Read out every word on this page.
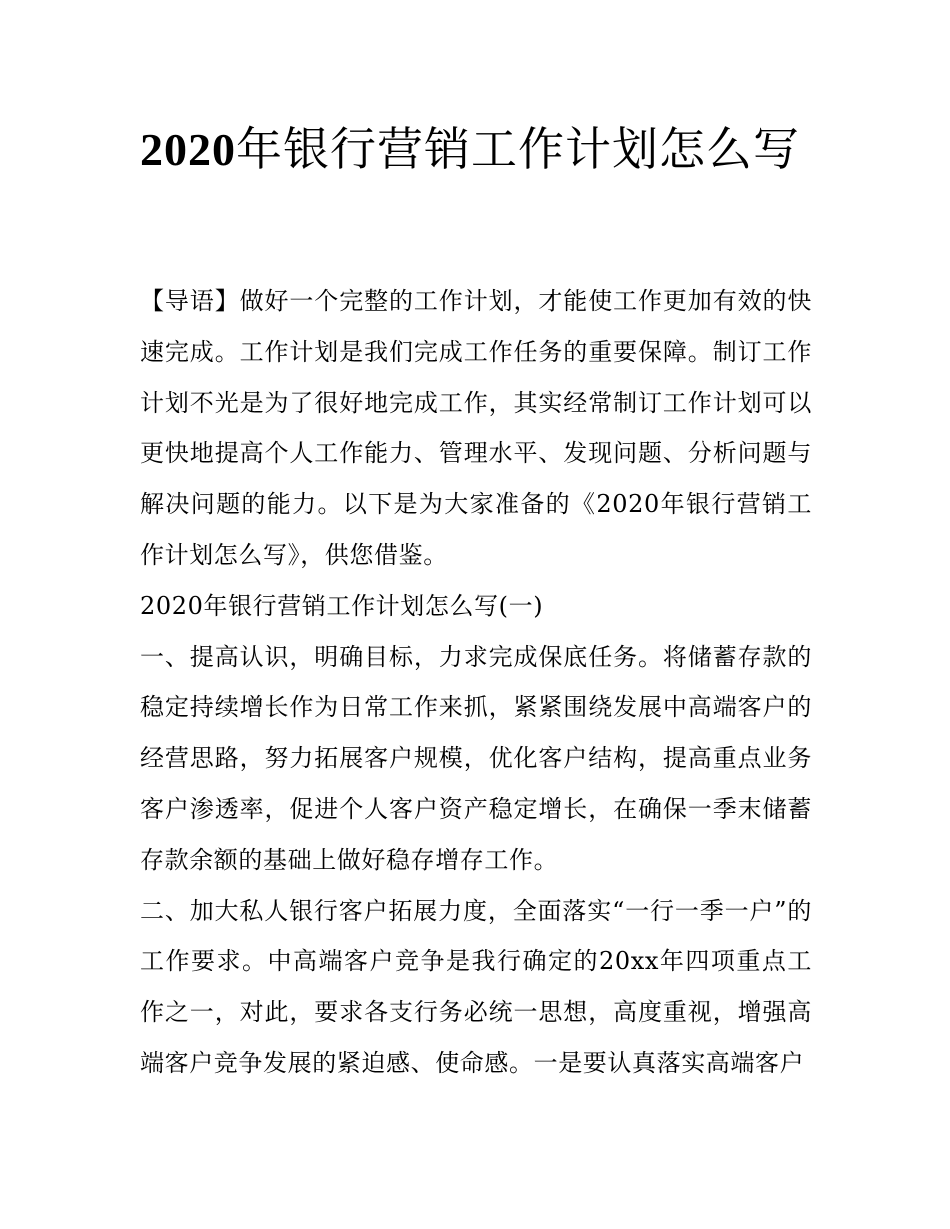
2020年银行营销工作计划怎么写

【导语】做好一个完整的工作计划，才能使工作更加有效的快速完成。工作计划是我们完成工作任务的重要保障。制订工作计划不光是为了很好地完成工作，其实经常制订工作计划可以更快地提高个人工作能力、管理水平、发现问题、分析问题与解决问题的能力。以下是为大家准备的《2020年银行营销工作计划怎么写》，供您借鉴。

2020年银行营销工作计划怎么写(一)

一、提高认识，明确目标，力求完成保底任务。将储蓄存款的稳定持续增长作为日常工作来抓，紧紧围绕发展中高端客户的经营思路，努力拓展客户规模，优化客户结构，提高重点业务客户渗透率，促进个人客户资产稳定增长，在确保一季末储蓄存款余额的基础上做好稳存增存工作。

二、加大私人银行客户拓展力度，全面落实“一行一季一户”的工作要求。中高端客户竞争是我行确定的20xx年四项重点工作之一，对此，要求各支行务必统一思想，高度重视，增强高端客户竞争发展的紧迫感、使命感。一是要认真落实高端客户
